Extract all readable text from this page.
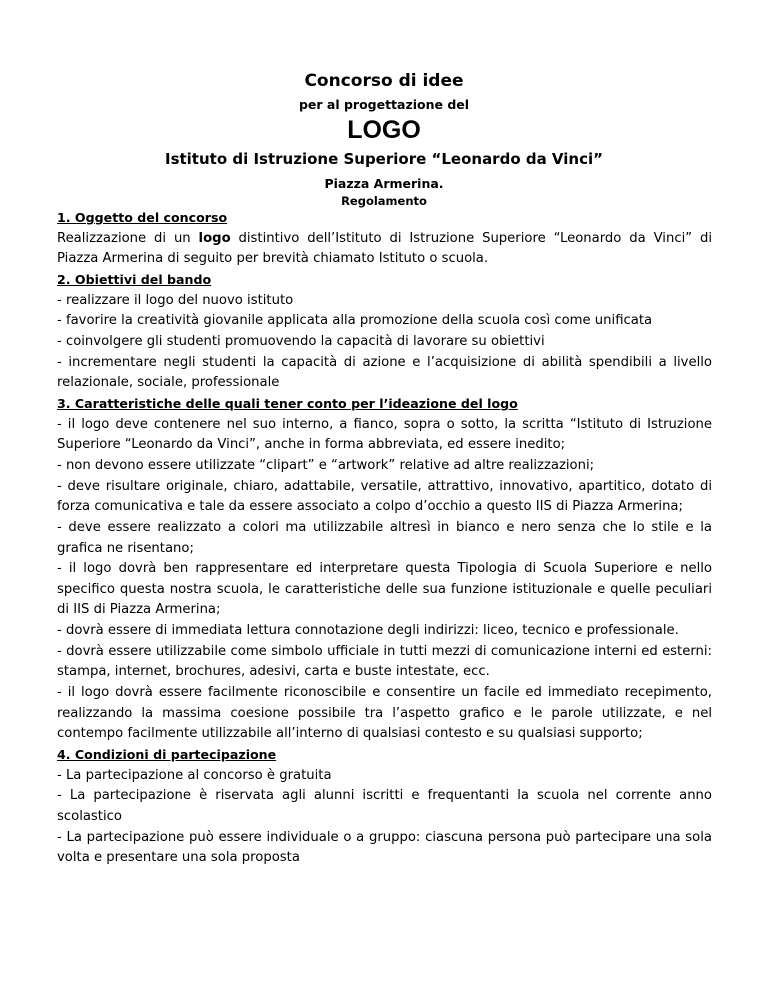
Concorso di idee
per al progettazione del
LOGO
Istituto di Istruzione Superiore “Leonardo da Vinci”
Piazza Armerina.
Regolamento
1. Oggetto del concorso

Realizzazione di un logo distintivo dell’Istituto di Istruzione Superiore “Leonardo da Vinci” di Piazza Armerina di seguito per brevità chiamato Istituto o scuola.

2. Obiettivi del bando

- realizzare il logo del nuovo istituto

- favorire la creatività giovanile applicata alla promozione della scuola così come unificata

- coinvolgere gli studenti promuovendo la capacità di lavorare su obiettivi

- incrementare negli studenti la capacità di azione e l’acquisizione di abilità spendibili a livello relazionale, sociale, professionale

3. Caratteristiche delle quali tener conto per l’ideazione del logo

- il logo deve contenere nel suo interno, a fianco, sopra o sotto, la scritta “Istituto di Istruzione Superiore “Leonardo da Vinci”, anche in forma abbreviata, ed essere inedito;

- non devono essere utilizzate “clipart” e “artwork” relative ad altre realizzazioni;

- deve risultare originale, chiaro, adattabile, versatile, attrattivo, innovativo, apartitico, dotato di forza comunicativa e tale da essere associato a colpo d’occhio a questo IIS di Piazza Armerina;

- deve essere realizzato a colori ma utilizzabile altresì in bianco e nero senza che lo stile e la grafica ne risentano;

- il logo dovrà ben rappresentare ed interpretare questa Tipologia di Scuola Superiore e nello specifico questa nostra scuola, le caratteristiche delle sua funzione istituzionale e quelle peculiari di IIS di Piazza Armerina;

- dovrà essere di immediata lettura connotazione degli indirizzi: liceo, tecnico e professionale.

- dovrà essere utilizzabile come simbolo ufficiale in tutti mezzi di comunicazione interni ed esterni: stampa, internet, brochures, adesivi, carta e buste intestate, ecc.

- il logo dovrà essere facilmente riconoscibile e consentire un facile ed immediato recepimento, realizzando la massima coesione possibile tra l’aspetto grafico e le parole utilizzate, e nel contempo facilmente utilizzabile all’interno di qualsiasi contesto e su qualsiasi supporto;

4. Condizioni di partecipazione

- La partecipazione al concorso è gratuita

- La partecipazione è riservata agli alunni iscritti e frequentanti la scuola nel corrente anno scolastico

- La partecipazione può essere individuale o a gruppo: ciascuna persona può partecipare una sola volta e presentare una sola proposta
